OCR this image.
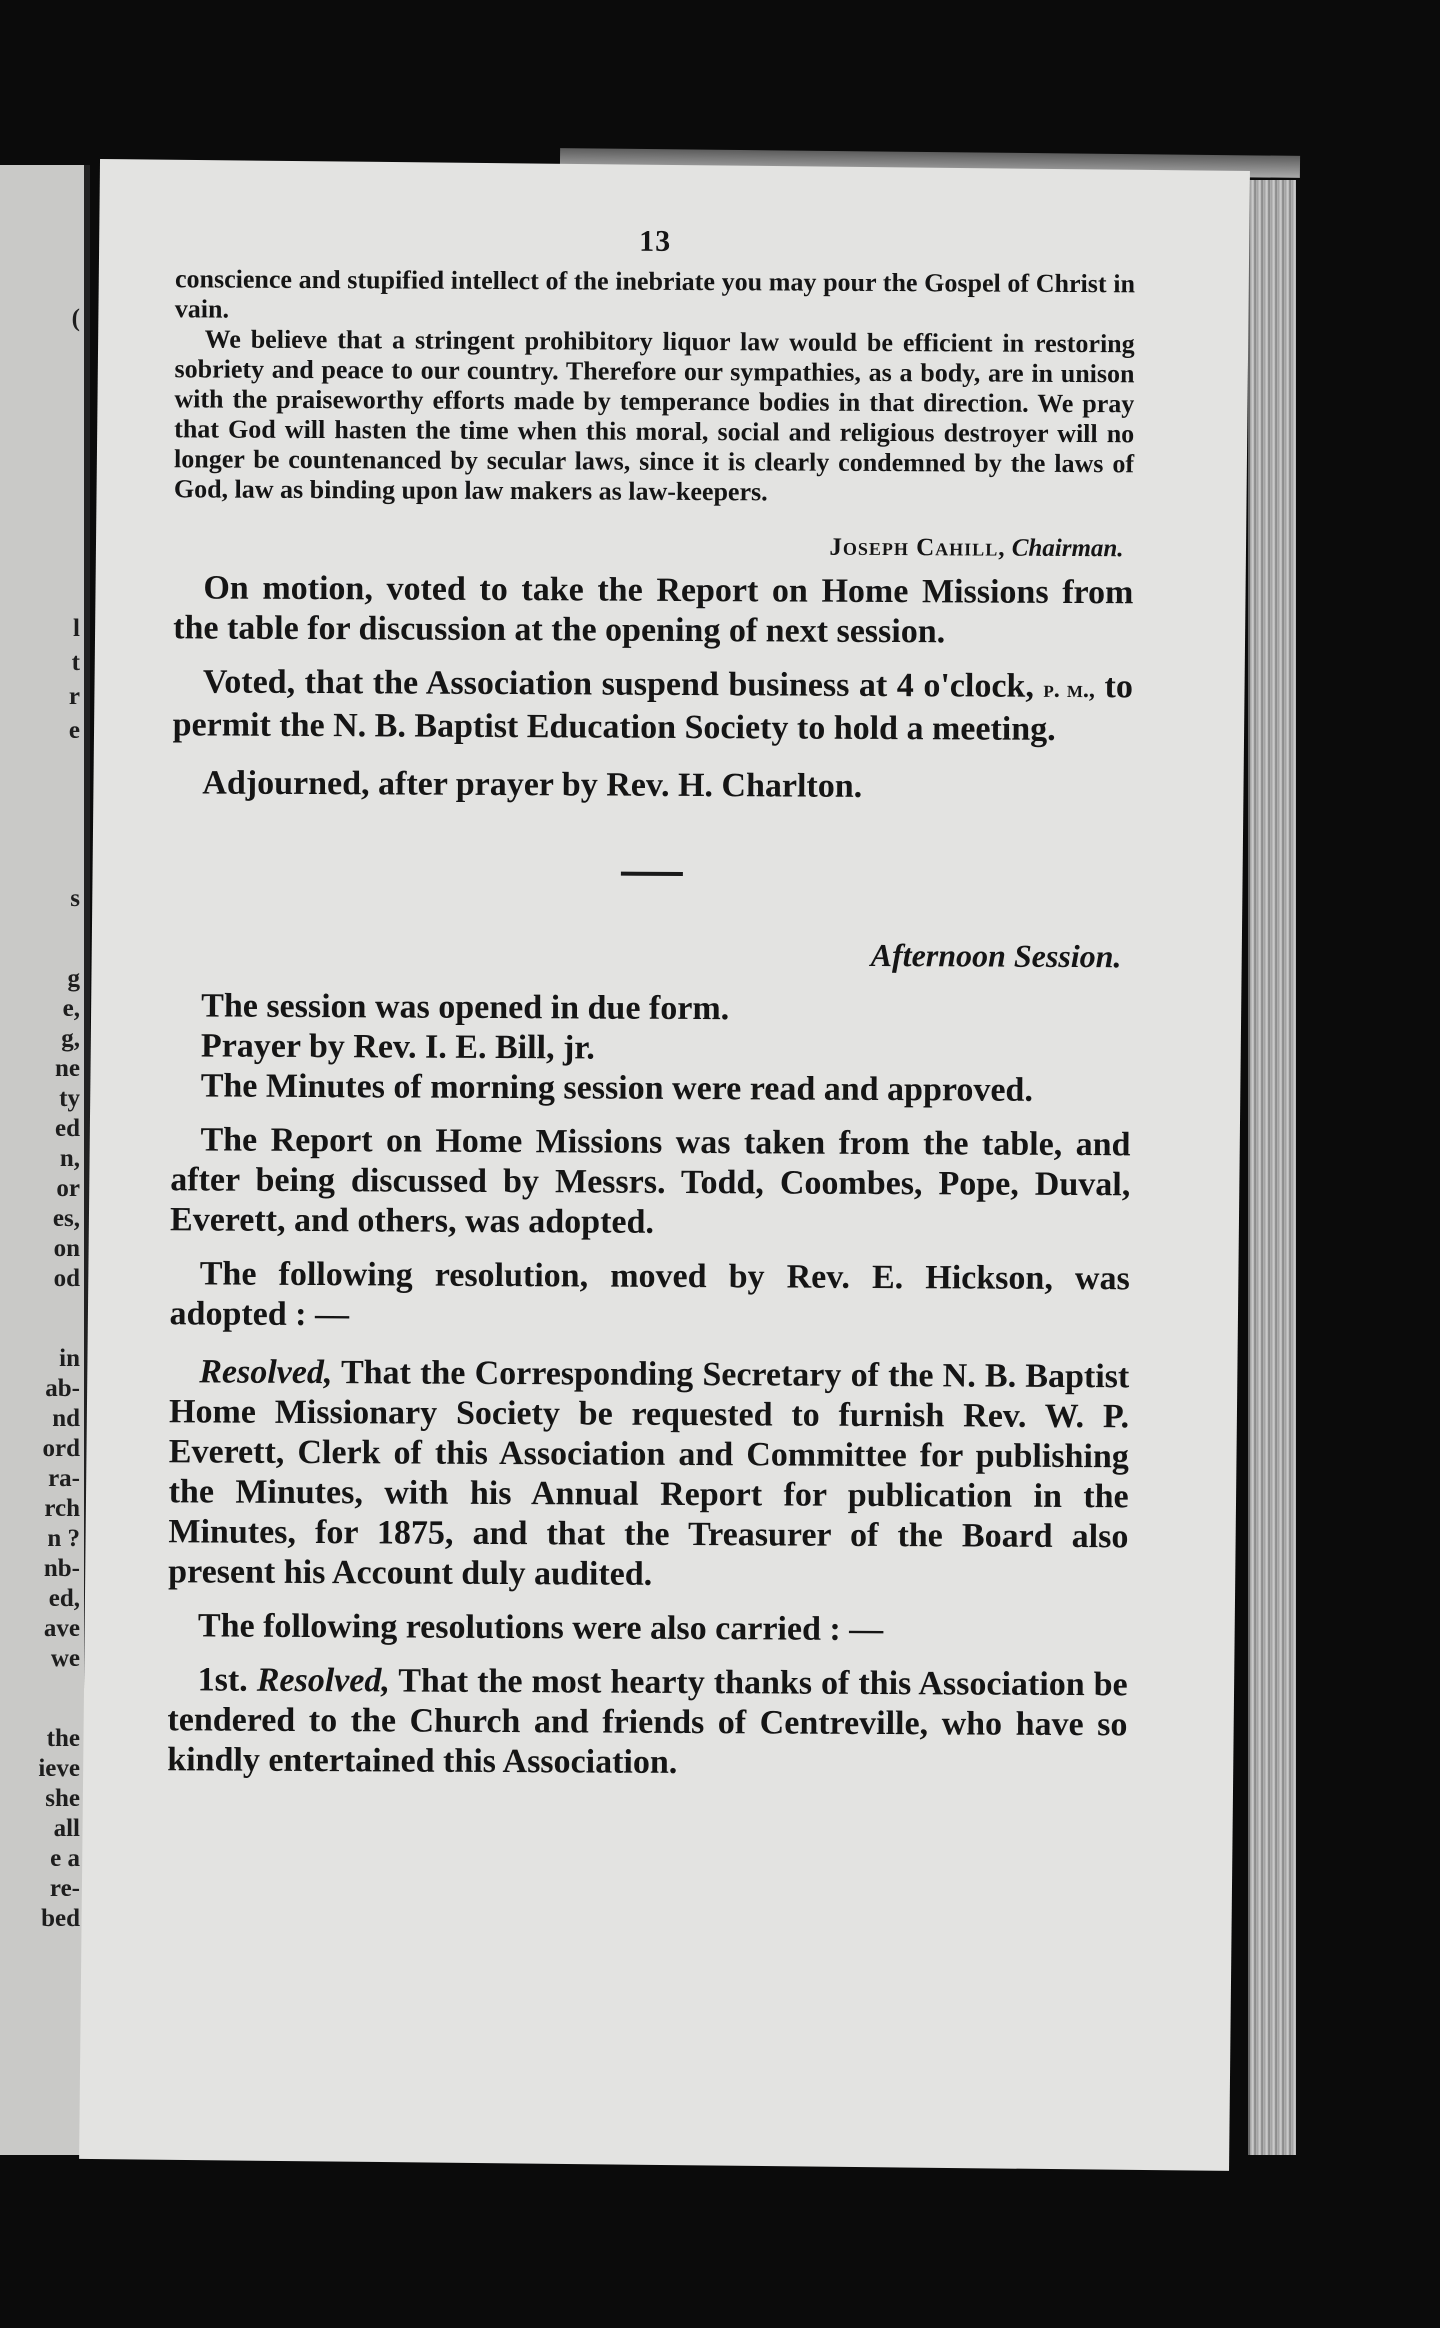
(
l
t
r
e
s
g
e,
g,
ne
ty
ed
n,
or
es,
on
od
in
ab-
nd
ord
ra-
rch
n ?
nb-
ed,
ave
we
the
ieve
she
all
e a
re-
bed
13

conscience and stupified intellect of the inebriate you may pour the Gospel of Christ in vain.

We believe that a stringent prohibitory liquor law would be efficient in restoring sobriety and peace to our country. Therefore our sympathies, as a body, are in unison with the praiseworthy efforts made by temperance bodies in that direction. We pray that God will hasten the time when this moral, social and religious destroyer will no longer be countenanced by secular laws, since it is clearly condemned by the laws of God, law as binding upon law makers as law-keepers.

Joseph Cahill, Chairman.

On motion, voted to take the Report on Home Missions from the table for discussion at the opening of next session.

Voted, that the Association suspend business at 4 o'clock, p. m., to permit the N. B. Baptist Education Society to hold a meeting.

Adjourned, after prayer by Rev. H. Charlton.

Afternoon Session.

The session was opened in due form.

Prayer by Rev. I. E. Bill, jr.

The Minutes of morning session were read and approved.

The Report on Home Missions was taken from the table, and after being discussed by Messrs. Todd, Coombes, Pope, Duval, Everett, and others, was adopted.

The following resolution, moved by Rev. E. Hickson, was adopted : —

Resolved, That the Corresponding Secretary of the N. B. Baptist Home Missionary Society be requested to furnish Rev. W. P. Everett, Clerk of this Association and Committee for publishing the Minutes, with his Annual Report for publication in the Minutes, for 1875, and that the Treasurer of the Board also present his Account duly audited.

The following resolutions were also carried : —

1st. Resolved, That the most hearty thanks of this Association be tendered to the Church and friends of Centreville, who have so kindly entertained this Association.
